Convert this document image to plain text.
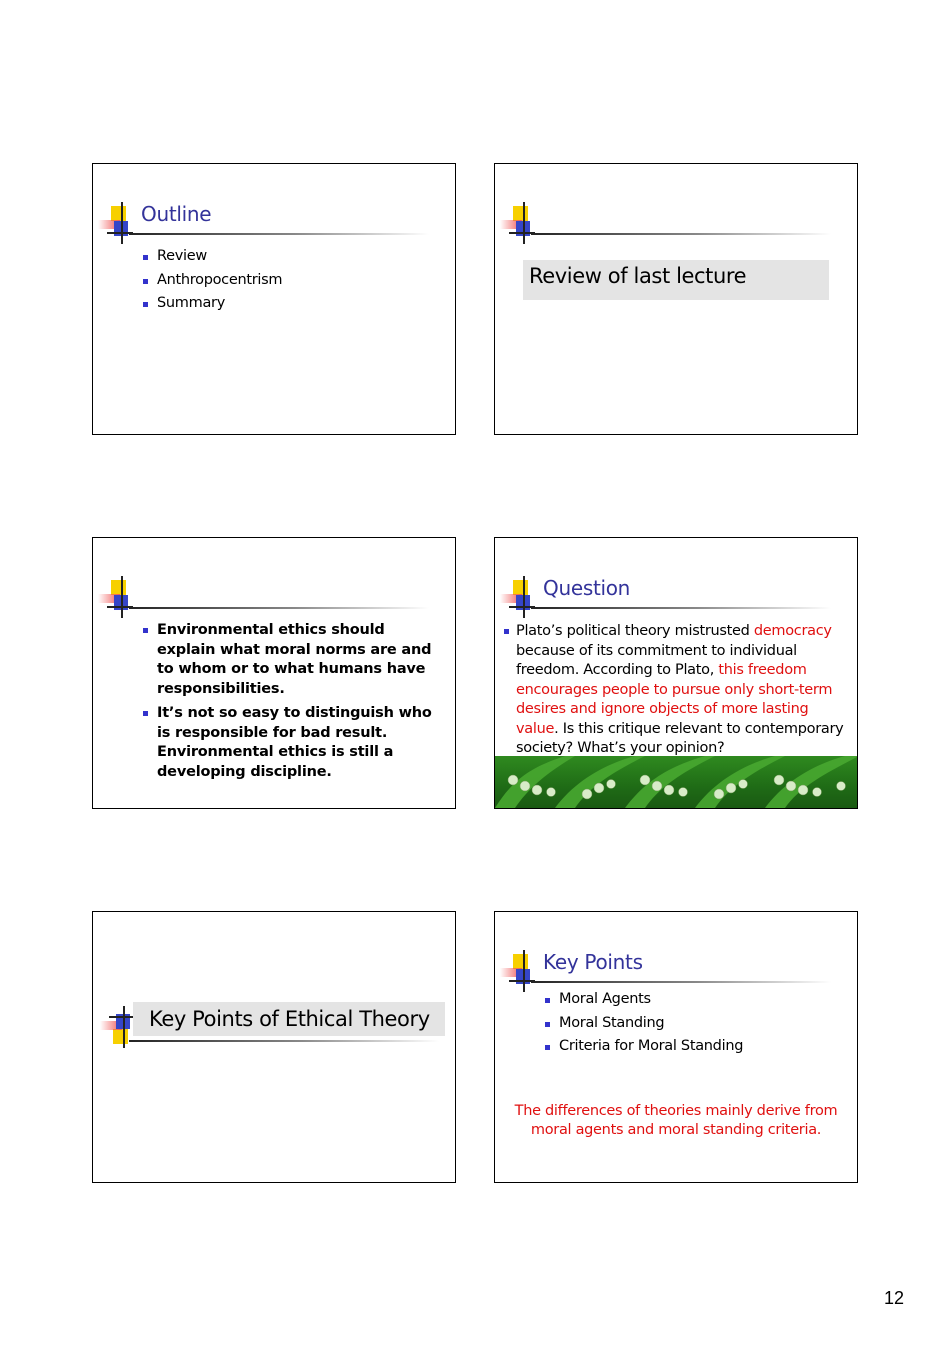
Outline
Review
Anthropocentrism
Summary
Review of last lecture
Environmental ethics should explain what moral norms are and to whom or to what humans have responsibilities.
It’s not so easy to distinguish who is responsible for bad result. Environmental ethics is still a developing discipline.
Question
Plato’s political theory mistrusted democracy because of its commitment to individual freedom. According to Plato, this freedom encourages people to pursue only short-term desires and ignore objects of more lasting value. Is this critique relevant to contemporary society? What’s your opinion?
Key Points of Ethical Theory
Key Points
Moral Agents
Moral Standing
Criteria for Moral Standing
The differences of theories mainly derive from moral agents and moral standing criteria.
12
